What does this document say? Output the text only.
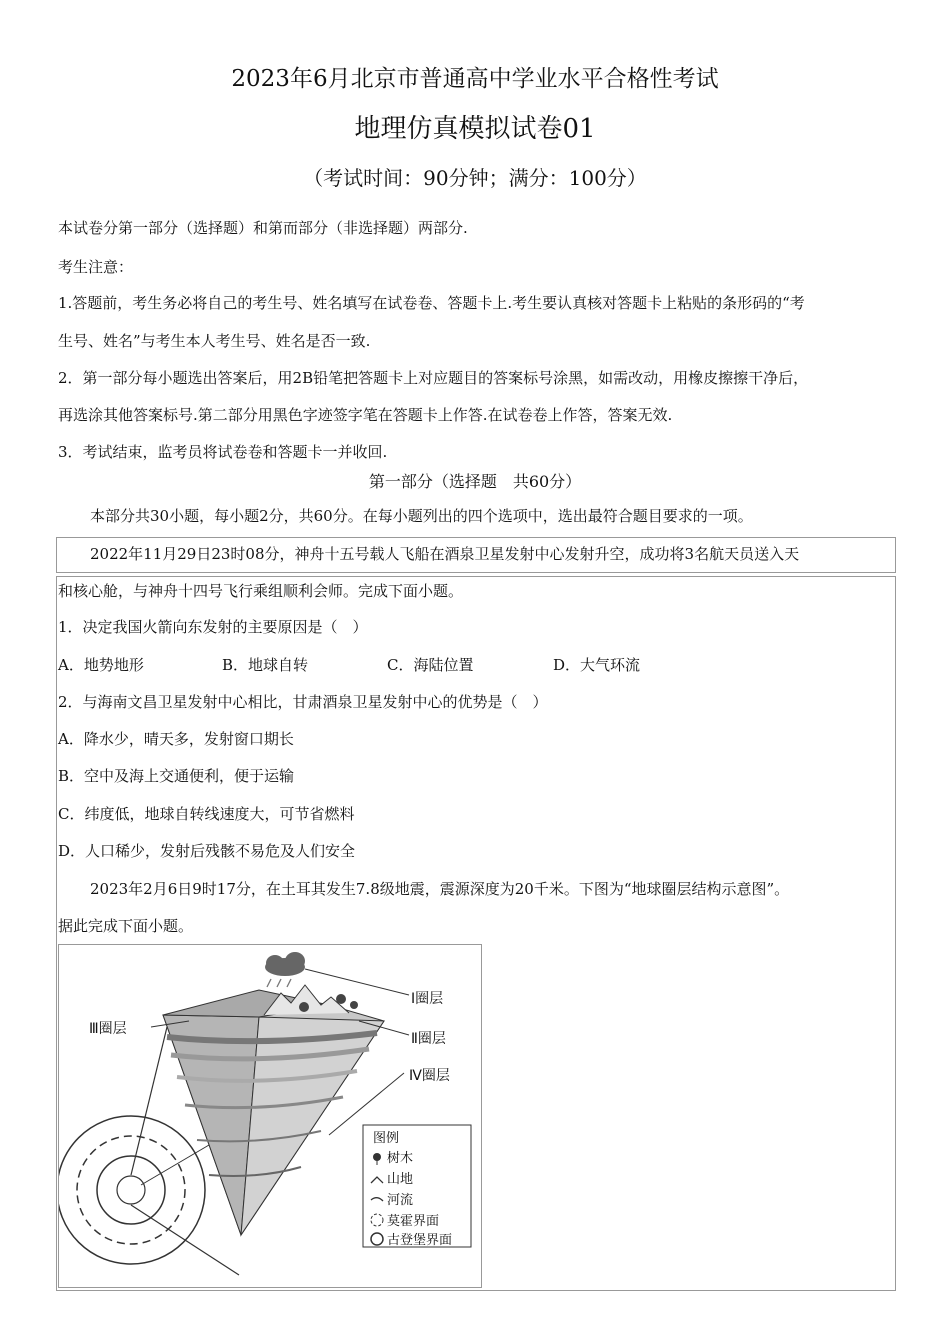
2023年6月北京市普通高中学业水平合格性考试
地理仿真模拟试卷01
（考试时间：90分钟；满分：100分）
本试卷分第一部分（选择题）和第而部分（非选择题）两部分.
考生注意：
1.答题前，考生务必将自己的考生号、姓名填写在试卷卷、答题卡上.考生要认真核对答题卡上粘贴的条形码的“考
生号、姓名”与考生本人考生号、姓名是否一致.
2．第一部分每小题选出答案后，用2B铅笔把答题卡上对应题目的答案标号涂黑，如需改动，用橡皮擦擦干净后，
再选涂其他答案标号.第二部分用黑色字迹签字笔在答题卡上作答.在试卷卷上作答，答案无效.
3．考试结束，监考员将试卷卷和答题卡一并收回.
第一部分（选择题　共60分）
本部分共30小题，每小题2分，共60分。在每小题列出的四个选项中，选出最符合题目要求的一项。
2022年11月29日23时08分，神舟十五号载人飞船在酒泉卫星发射中心发射升空，成功将3名航天员送入天
和核心舱，与神舟十四号飞行乘组顺利会师。完成下面小题。
1．决定我国火箭向东发射的主要原因是（　）
A．地势地形	B．地球自转	C．海陆位置	D．大气环流
2．与海南文昌卫星发射中心相比，甘肃酒泉卫星发射中心的优势是（　）
A．降水少，晴天多，发射窗口期长
B．空中及海上交通便利，便于运输
C．纬度低，地球自转线速度大，可节省燃料
D．人口稀少，发射后残骸不易危及人们安全
2023年2月6日9时17分，在土耳其发生7.8级地震，震源深度为20千米。下图为“地球圈层结构示意图”。
据此完成下面小题。
Ⅰ圈层
Ⅱ圈层
Ⅲ圈层
Ⅳ圈层
图例
树木
山地
河流
莫霍界面
古登堡界面
